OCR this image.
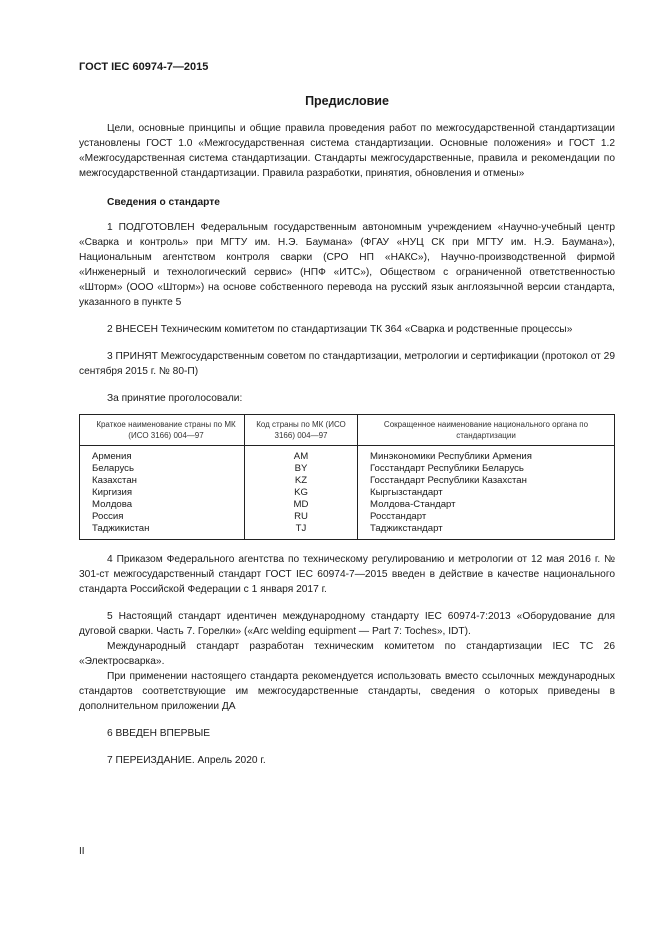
ГОСТ IEC 60974-7—2015
Предисловие

Цели, основные принципы и общие правила проведения работ по межгосударственной стандартизации установлены ГОСТ 1.0 «Межгосударственная система стандартизации. Основные положения» и ГОСТ 1.2 «Межгосударственная система стандартизации. Стандарты межгосударственные, правила и рекомендации по межгосударственной стандартизации. Правила разработки, принятия, обновления и отмены»

Сведения о стандарте

1 ПОДГОТОВЛЕН Федеральным государственным автономным учреждением «Научно-учебный центр «Сварка и контроль» при МГТУ им. Н.Э. Баумана» (ФГАУ «НУЦ СК при МГТУ им. Н.Э. Баумана»), Национальным агентством контроля сварки (СРО НП «НАКС»), Научно-производственной фирмой «Инженерный и технологический сервис» (НПФ «ИТС»), Обществом с ограниченной ответственностью «Шторм» (ООО «Шторм») на основе собственного перевода на русский язык англоязычной версии стандарта, указанного в пункте 5

2 ВНЕСЕН Техническим комитетом по стандартизации ТК 364 «Сварка и родственные процессы»

3 ПРИНЯТ Межгосударственным советом по стандартизации, метрологии и сертификации (протокол от 29 сентября 2015 г. № 80-П)

За принятие проголосовали:

Краткое наименование страны по МК (ИСО 3166) 004—97	Код страны по МК (ИСО 3166) 004—97	Сокращенное наименование национального органа по стандартизации
Армения	AM	Минэкономики Республики Армения
Беларусь	BY	Госстандарт Республики Беларусь
Казахстан	KZ	Госстандарт Республики Казахстан
Киргизия	KG	Кыргызстандарт
Молдова	MD	Молдова-Стандарт
Россия	RU	Росстандарт
Таджикистан	TJ	Таджикстандарт

4 Приказом Федерального агентства по техническому регулированию и метрологии от 12 мая 2016 г. № 301-ст межгосударственный стандарт ГОСТ IEC 60974-7—2015 введен в действие в качестве национального стандарта Российской Федерации с 1 января 2017 г.

5 Настоящий стандарт идентичен международному стандарту IEC 60974-7:2013 «Оборудование для дуговой сварки. Часть 7. Горелки» («Arc welding equipment — Part 7: Toches», IDT).

Международный стандарт разработан техническим комитетом по стандартизации IEC TC 26 «Электросварка».

При применении настоящего стандарта рекомендуется использовать вместо ссылочных международных стандартов соответствующие им межгосударственные стандарты, сведения о которых приведены в дополнительном приложении ДА

6 ВВЕДЕН ВПЕРВЫЕ

7 ПЕРЕИЗДАНИЕ. Апрель 2020 г.

II
